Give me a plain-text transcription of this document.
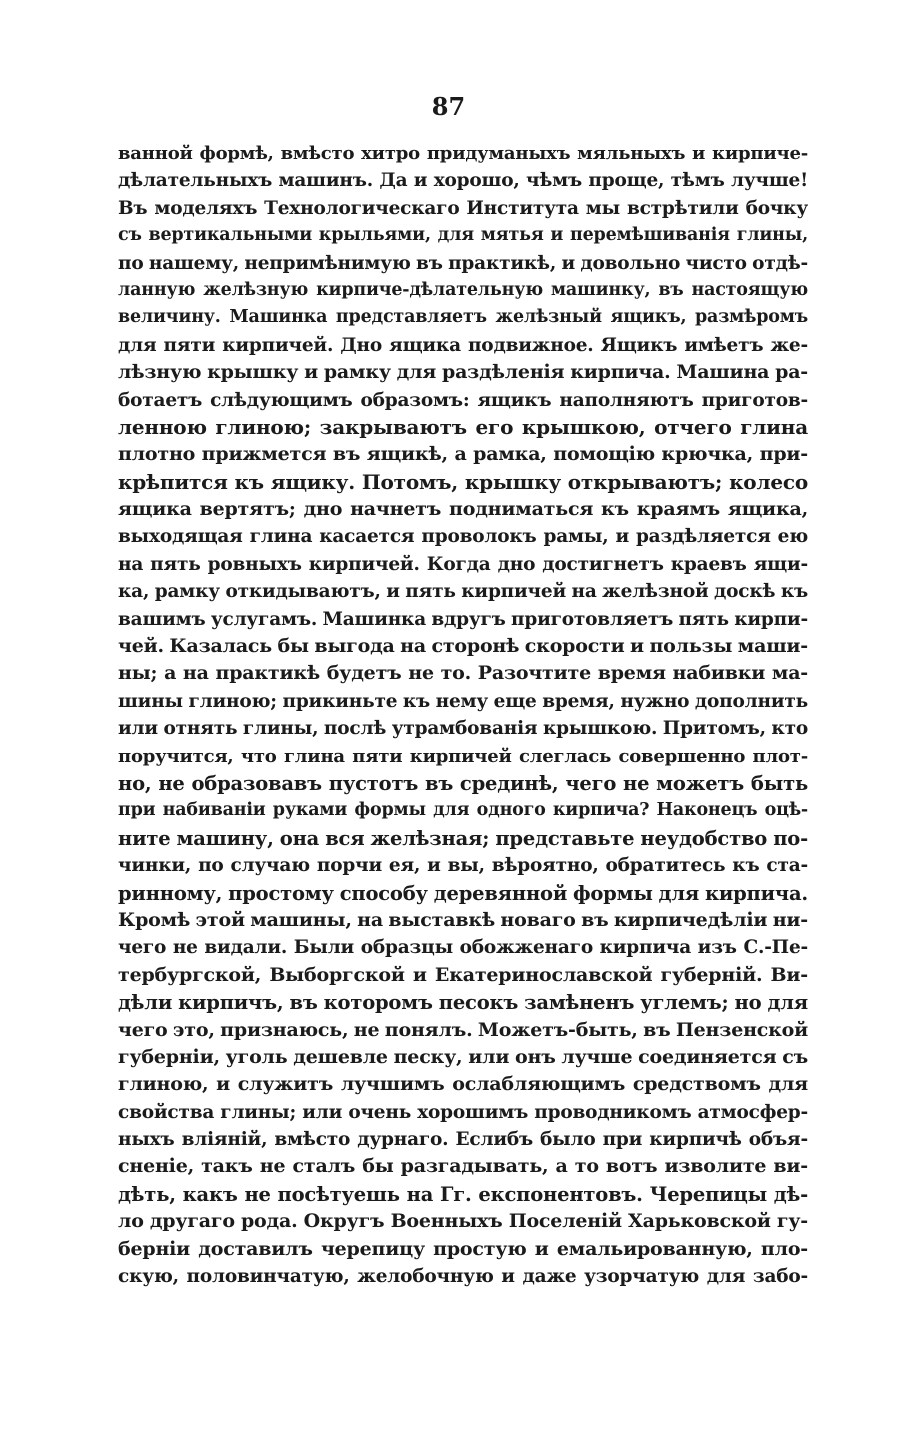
87
ванной формѣ, вмѣсто хитро придуманыхъ мяльныхъ и кирпиче-
дѣлательныхъ машинъ. Да и хорошо, чѣмъ проще, тѣмъ лучше!
Въ моделяхъ Технологическаго Института мы встрѣтили бочку
съ вертикальными крыльями, для мятья и перемѣшиванія глины,
по нашему, непримѣнимую въ практикѣ, и довольно чисто отдѣ-
ланную желѣзную кирпиче-дѣлательную машинку, въ настоящую
величину. Машинка представляетъ желѣзный ящикъ, размѣромъ
для пяти кирпичей. Дно ящика подвижное. Ящикъ имѣетъ же-
лѣзную крышку и рамку для раздѣленія кирпича. Машина ра-
ботаетъ слѣдующимъ образомъ: ящикъ наполняютъ приготов-
ленною глиною; закрываютъ его крышкою, отчего глина
плотно прижмется въ ящикѣ, а рамка, помощію крючка, при-
крѣпится къ ящику. Потомъ, крышку открываютъ; колесо
ящика вертятъ; дно начнетъ подниматься къ краямъ ящика,
выходящая глина касается проволокъ рамы, и раздѣляется ею
на пять ровныхъ кирпичей. Когда дно достигнетъ краевъ ящи-
ка, рамку откидываютъ, и пять кирпичей на желѣзной доскѣ къ
вашимъ услугамъ. Машинка вдругъ приготовляетъ пять кирпи-
чей. Казалась бы выгода на сторонѣ скорости и пользы маши-
ны; а на практикѣ будетъ не то. Разочтите время набивки ма-
шины глиною; прикиньте къ нему еще время, нужно дополнить
или отнять глины, послѣ утрамбованія крышкою. Притомъ, кто
поручится, что глина пяти кирпичей слеглась совершенно плот-
но, не образовавъ пустотъ въ срединѣ, чего не можетъ быть
при набиваніи руками формы для одного кирпича? Наконецъ оцѣ-
ните машину, она вся желѣзная; представьте неудобство по-
чинки, по случаю порчи ея, и вы, вѣроятно, обратитесь къ ста-
ринному, простому способу деревянной формы для кирпича.
Кромѣ этой машины, на выставкѣ новаго въ кирпичедѣліи ни-
чего не видали. Были образцы обожженаго кирпича изъ С.-Пе-
тербургской, Выборгской и Екатеринославской губерній. Ви-
дѣли кирпичъ, въ которомъ песокъ замѣненъ углемъ; но для
чего это, признаюсь, не понялъ. Можетъ-быть, въ Пензенской
губерніи, уголь дешевле песку, или онъ лучше соединяется съ
глиною, и служитъ лучшимъ ослабляющимъ средствомъ для
свойства глины; или очень хорошимъ проводникомъ атмосфер-
ныхъ вліяній, вмѣсто дурнаго. Еслибъ было при кирпичѣ объя-
сненіе, такъ не сталъ бы разгадывать, а то вотъ изволите ви-
дѣть, какъ не посѣтуешь на Гг. експонентовъ. Черепицы дѣ-
ло другаго рода. Округъ Военныхъ Поселеній Харьковской гу-
берніи доставилъ черепицу простую и емальированную, пло-
скую, половинчатую, желобочную и даже узорчатую для забо-
